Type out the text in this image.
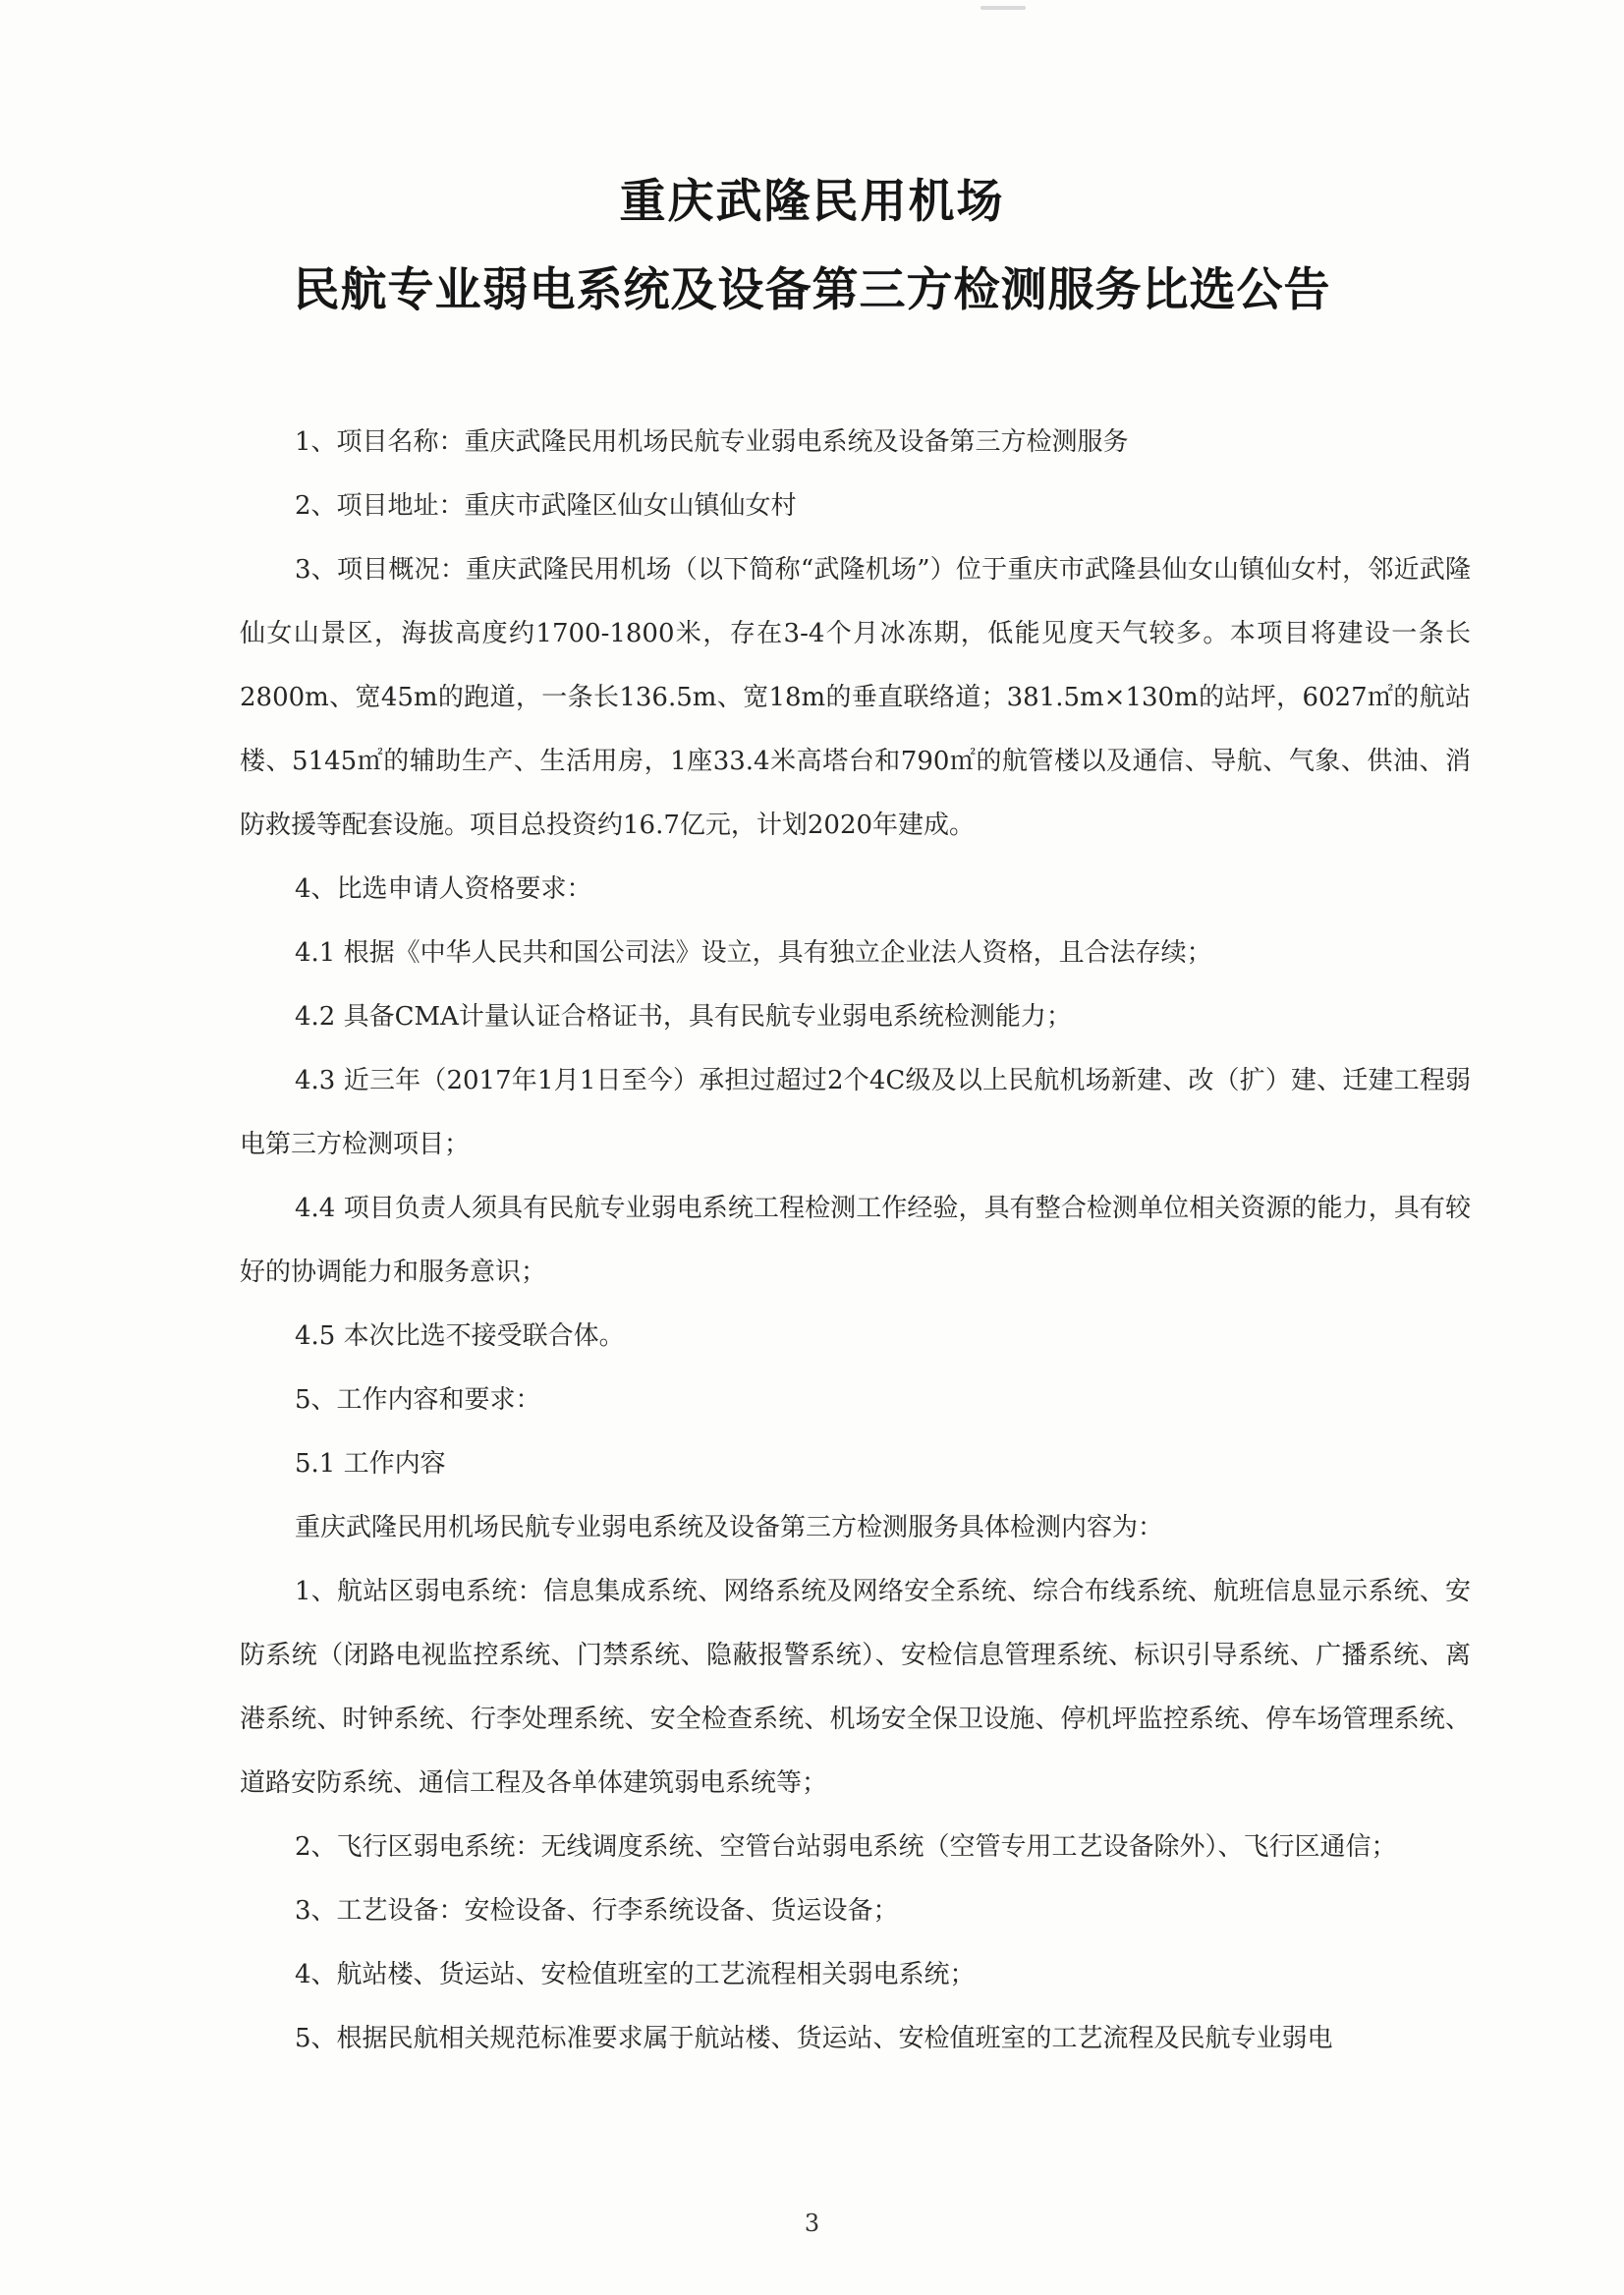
重庆武隆民用机场
民航专业弱电系统及设备第三方检测服务比选公告

1、项目名称：重庆武隆民用机场民航专业弱电系统及设备第三方检测服务

2、项目地址：重庆市武隆区仙女山镇仙女村

3、项目概况：重庆武隆民用机场（以下简称“武隆机场”）位于重庆市武隆县仙女山镇仙女村，邻近武隆仙女山景区，海拔高度约1700-1800米，存在3-4个月冰冻期，低能见度天气较多。本项目将建设一条长2800m、宽45m的跑道，一条长136.5m、宽18m的垂直联络道；381.5m×130m的站坪，6027㎡的航站楼、5145㎡的辅助生产、生活用房，1座33.4米高塔台和790㎡的航管楼以及通信、导航、气象、供油、消防救援等配套设施。项目总投资约16.7亿元，计划2020年建成。

4、比选申请人资格要求：

4.1 根据《中华人民共和国公司法》设立，具有独立企业法人资格，且合法存续；

4.2 具备CMA计量认证合格证书，具有民航专业弱电系统检测能力；

4.3 近三年（2017年1月1日至今）承担过超过2个4C级及以上民航机场新建、改（扩）建、迁建工程弱电第三方检测项目；

4.4 项目负责人须具有民航专业弱电系统工程检测工作经验，具有整合检测单位相关资源的能力，具有较好的协调能力和服务意识；

4.5 本次比选不接受联合体。

5、工作内容和要求：

5.1 工作内容

重庆武隆民用机场民航专业弱电系统及设备第三方检测服务具体检测内容为：

1、航站区弱电系统：信息集成系统、网络系统及网络安全系统、综合布线系统、航班信息显示系统、安防系统（闭路电视监控系统、门禁系统、隐蔽报警系统）、安检信息管理系统、标识引导系统、广播系统、离港系统、时钟系统、行李处理系统、安全检查系统、机场安全保卫设施、停机坪监控系统、停车场管理系统、道路安防系统、通信工程及各单体建筑弱电系统等；

2、飞行区弱电系统：无线调度系统、空管台站弱电系统（空管专用工艺设备除外）、飞行区通信；

3、工艺设备：安检设备、行李系统设备、货运设备；

4、航站楼、货运站、安检值班室的工艺流程相关弱电系统；

5、根据民航相关规范标准要求属于航站楼、货运站、安检值班室的工艺流程及民航专业弱电

3
